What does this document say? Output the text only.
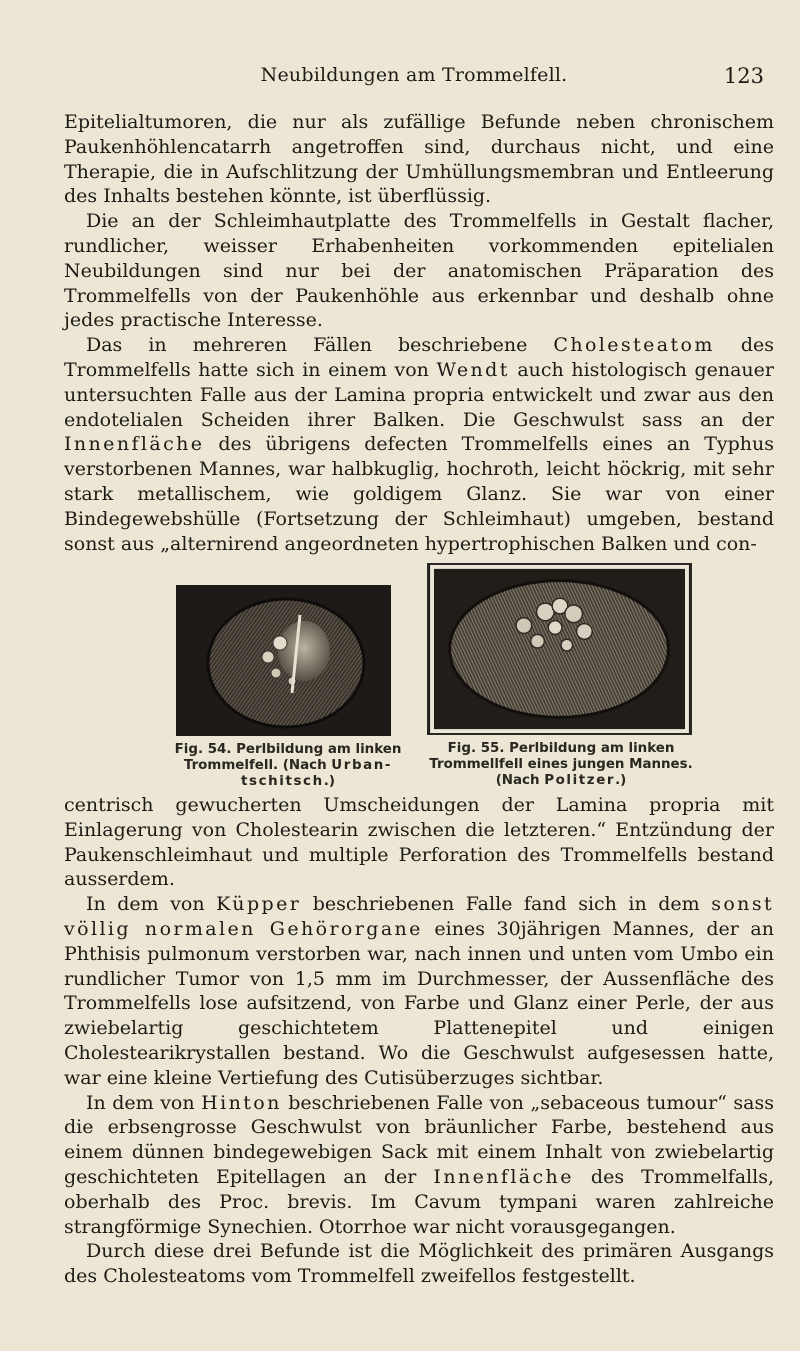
Neubildungen am Trommelfell.	123

Epitelialtumoren, die nur als zufällige Befunde neben chronischem Paukenhöhlencatarrh angetroffen sind, durchaus nicht, und eine Therapie, die in Aufschlitzung der Umhüllungsmembran und Entleerung des Inhalts bestehen könnte, ist überflüssig.

Die an der Schleimhautplatte des Trommelfells in Gestalt flacher, rundlicher, weisser Erhabenheiten vorkommenden epitelialen Neubildungen sind nur bei der anatomischen Präparation des Trommelfells von der Paukenhöhle aus erkennbar und deshalb ohne jedes practische Interesse.

Das in mehreren Fällen beschriebene Cholesteatom des Trommelfells hatte sich in einem von Wendt auch histologisch genauer untersuchten Falle aus der Lamina propria entwickelt und zwar aus den endotelialen Scheiden ihrer Balken. Die Geschwulst sass an der Innenfläche des übrigens defecten Trommelfells eines an Typhus verstorbenen Mannes, war halbkuglig, hochroth, leicht höckrig, mit sehr stark metallischem, wie goldigem Glanz. Sie war von einer Bindegewebshülle (Fortsetzung der Schleimhaut) umgeben, bestand sonst aus „alternirend angeordneten hypertrophischen Balken und con-

Fig. 54. Perlbildung am linken Trommelfell. (Nach Urban-tschitsch.)
Fig. 55. Perlbildung am linken Trommellfell eines jungen Mannes. (Nach Politzer.)

centrisch gewucherten Umscheidungen der Lamina propria mit Einlagerung von Cholestearin zwischen die letzteren.“ Entzündung der Paukenschleimhaut und multiple Perforation des Trommelfells bestand ausserdem.

In dem von Küpper beschriebenen Falle fand sich in dem sonst völlig normalen Gehörorgane eines 30jährigen Mannes, der an Phthisis pulmonum verstorben war, nach innen und unten vom Umbo ein rundlicher Tumor von 1,5 mm im Durchmesser, der Aussenfläche des Trommelfells lose aufsitzend, von Farbe und Glanz einer Perle, der aus zwiebelartig geschichtetem Plattenepitel und einigen Cholestearikrystallen bestand. Wo die Geschwulst aufgesessen hatte, war eine kleine Vertiefung des Cutisüberzuges sichtbar.

In dem von Hinton beschriebenen Falle von „sebaceous tumour“ sass die erbsengrosse Geschwulst von bräunlicher Farbe, bestehend aus einem dünnen bindegewebigen Sack mit einem Inhalt von zwiebelartig geschichteten Epitellagen an der Innenfläche des Trommelfalls, oberhalb des Proc. brevis. Im Cavum tympani waren zahlreiche strangförmige Synechien. Otorrhoe war nicht vorausgegangen.

Durch diese drei Befunde ist die Möglichkeit des primären Ausgangs des Cholesteatoms vom Trommelfell zweifellos festgestellt.
